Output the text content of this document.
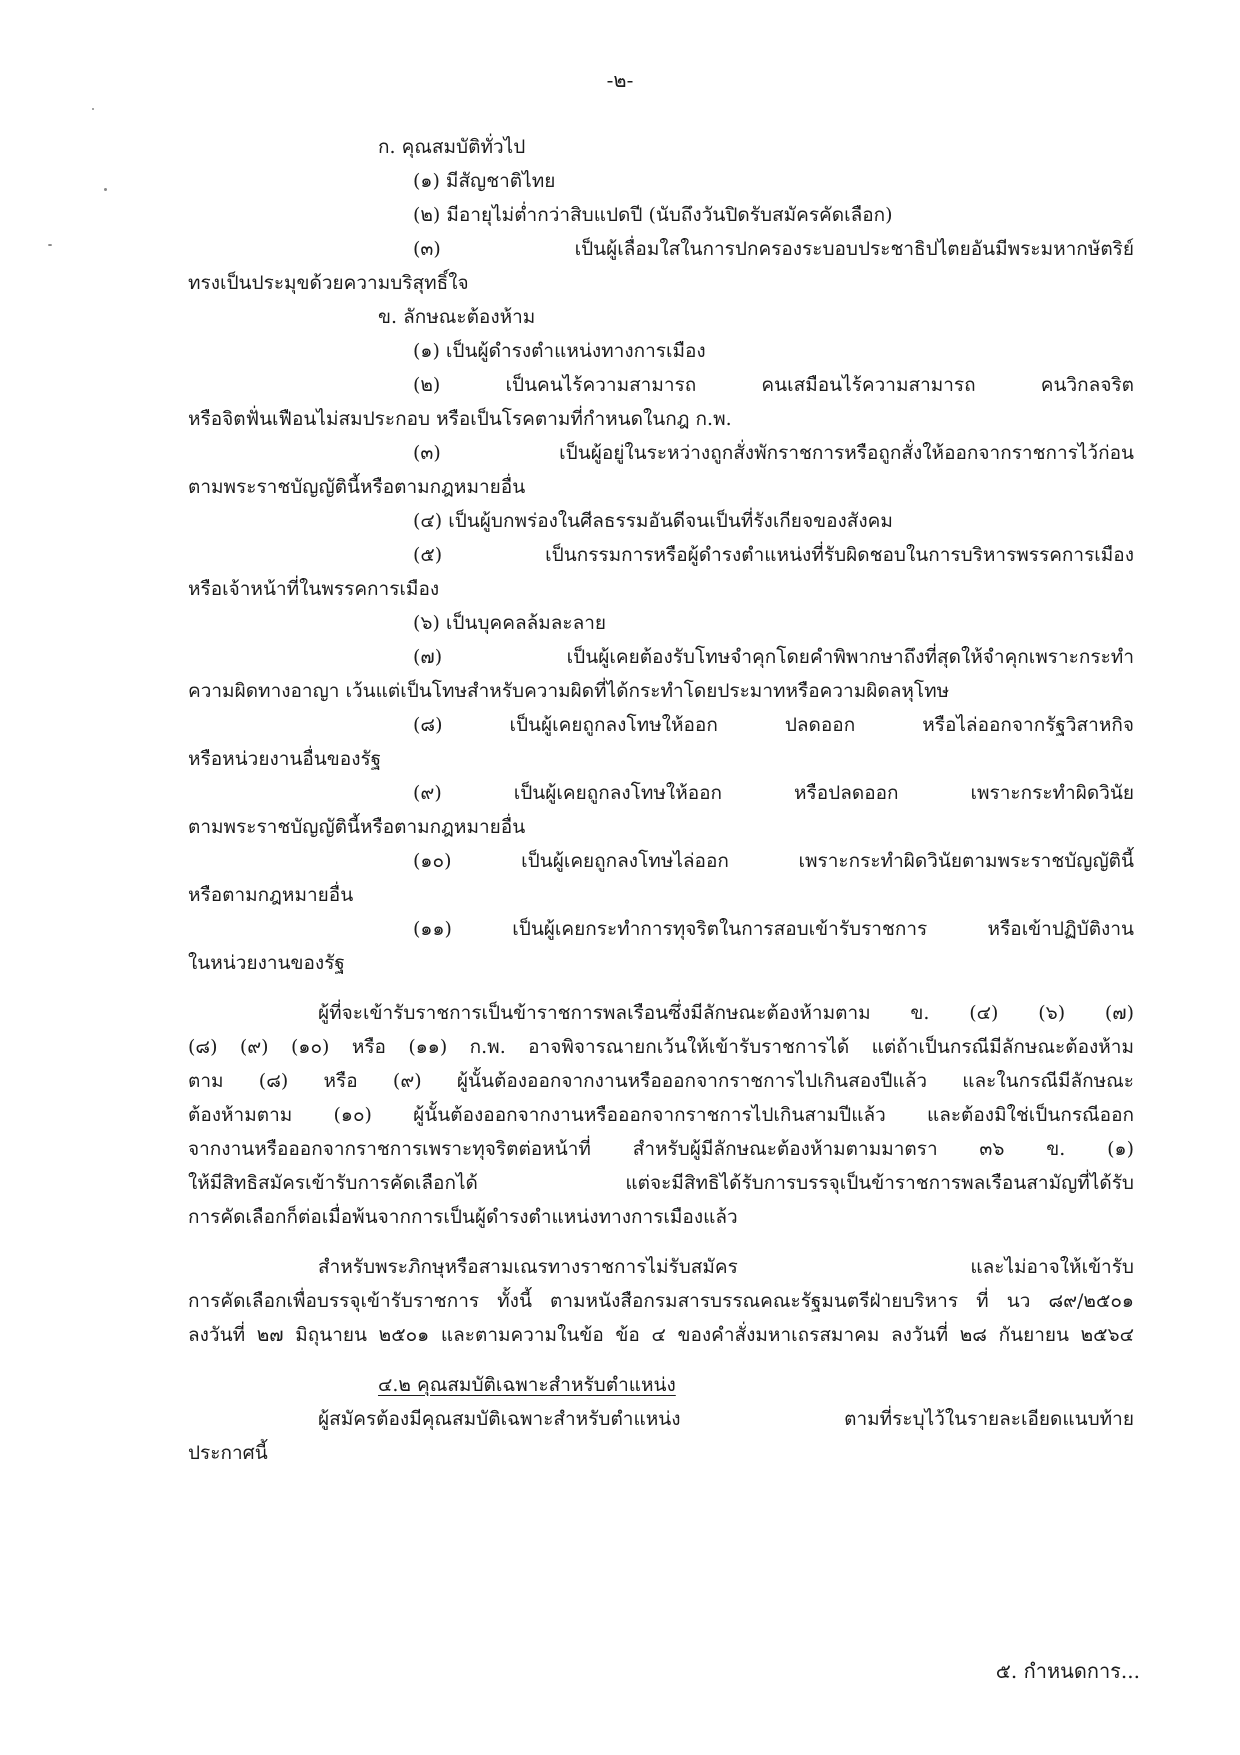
-๒-
ก. คุณสมบัติทั่วไป
(๑) มีสัญชาติไทย
(๒) มีอายุไม่ต่ำกว่าสิบแปดปี (นับถึงวันปิดรับสมัครคัดเลือก)
(๓) เป็นผู้เลื่อมใสในการปกครองระบอบประชาธิปไตยอันมีพระมหากษัตริย์
ทรงเป็นประมุขด้วยความบริสุทธิ์ใจ
ข. ลักษณะต้องห้าม
(๑) เป็นผู้ดำรงตำแหน่งทางการเมือง
(๒) เป็นคนไร้ความสามารถ คนเสมือนไร้ความสามารถ คนวิกลจริต
หรือจิตฟั่นเฟือนไม่สมประกอบ หรือเป็นโรคตามที่กำหนดในกฎ ก.พ.
(๓) เป็นผู้อยู่ในระหว่างถูกสั่งพักราชการหรือถูกสั่งให้ออกจากราชการไว้ก่อน
ตามพระราชบัญญัตินี้หรือตามกฎหมายอื่น
(๔) เป็นผู้บกพร่องในศีลธรรมอันดีจนเป็นที่รังเกียจของสังคม
(๕) เป็นกรรมการหรือผู้ดำรงตำแหน่งที่รับผิดชอบในการบริหารพรรคการเมือง
หรือเจ้าหน้าที่ในพรรคการเมือง
(๖) เป็นบุคคลล้มละลาย
(๗) เป็นผู้เคยต้องรับโทษจำคุกโดยคำพิพากษาถึงที่สุดให้จำคุกเพราะกระทำ
ความผิดทางอาญา เว้นแต่เป็นโทษสำหรับความผิดที่ได้กระทำโดยประมาทหรือความผิดลหุโทษ
(๘) เป็นผู้เคยถูกลงโทษให้ออก ปลดออก หรือไล่ออกจากรัฐวิสาหกิจ
หรือหน่วยงานอื่นของรัฐ
(๙) เป็นผู้เคยถูกลงโทษให้ออก หรือปลดออก เพราะกระทำผิดวินัย
ตามพระราชบัญญัตินี้หรือตามกฎหมายอื่น
(๑๐) เป็นผู้เคยถูกลงโทษไล่ออก เพราะกระทำผิดวินัยตามพระราชบัญญัตินี้
หรือตามกฎหมายอื่น
(๑๑) เป็นผู้เคยกระทำการทุจริตในการสอบเข้ารับราชการ หรือเข้าปฏิบัติงาน
ในหน่วยงานของรัฐ
ผู้ที่จะเข้ารับราชการเป็นข้าราชการพลเรือนซึ่งมีลักษณะต้องห้ามตาม ข. (๔) (๖) (๗)
(๘) (๙) (๑๐) หรือ (๑๑) ก.พ. อาจพิจารณายกเว้นให้เข้ารับราชการได้ แต่ถ้าเป็นกรณีมีลักษณะต้องห้าม
ตาม (๘) หรือ (๙) ผู้นั้นต้องออกจากงานหรือออกจากราชการไปเกินสองปีแล้ว และในกรณีมีลักษณะ
ต้องห้ามตาม (๑๐) ผู้นั้นต้องออกจากงานหรือออกจากราชการไปเกินสามปีแล้ว และต้องมิใช่เป็นกรณีออก
จากงานหรือออกจากราชการเพราะทุจริตต่อหน้าที่ สำหรับผู้มีลักษณะต้องห้ามตามมาตรา ๓๖ ข. (๑)
ให้มีสิทธิสมัครเข้ารับการคัดเลือกได้ แต่จะมีสิทธิได้รับการบรรจุเป็นข้าราชการพลเรือนสามัญที่ได้รับ
การคัดเลือกก็ต่อเมื่อพ้นจากการเป็นผู้ดำรงตำแหน่งทางการเมืองแล้ว
สำหรับพระภิกษุหรือสามเณรทางราชการไม่รับสมัคร และไม่อาจให้เข้ารับ
การคัดเลือกเพื่อบรรจุเข้ารับราชการ ทั้งนี้ ตามหนังสือกรมสารบรรณคณะรัฐมนตรีฝ่ายบริหาร ที่ นว ๘๙/๒๕๐๑
ลงวันที่ ๒๗ มิถุนายน ๒๕๐๑ และตามความในข้อ ข้อ ๔ ของคำสั่งมหาเถรสมาคม ลงวันที่ ๒๘ กันยายน ๒๕๖๔
๔.๒ คุณสมบัติเฉพาะสำหรับตำแหน่ง
ผู้สมัครต้องมีคุณสมบัติเฉพาะสำหรับตำแหน่ง ตามที่ระบุไว้ในรายละเอียดแนบท้าย
ประกาศนี้
๕. กำหนดการ...
